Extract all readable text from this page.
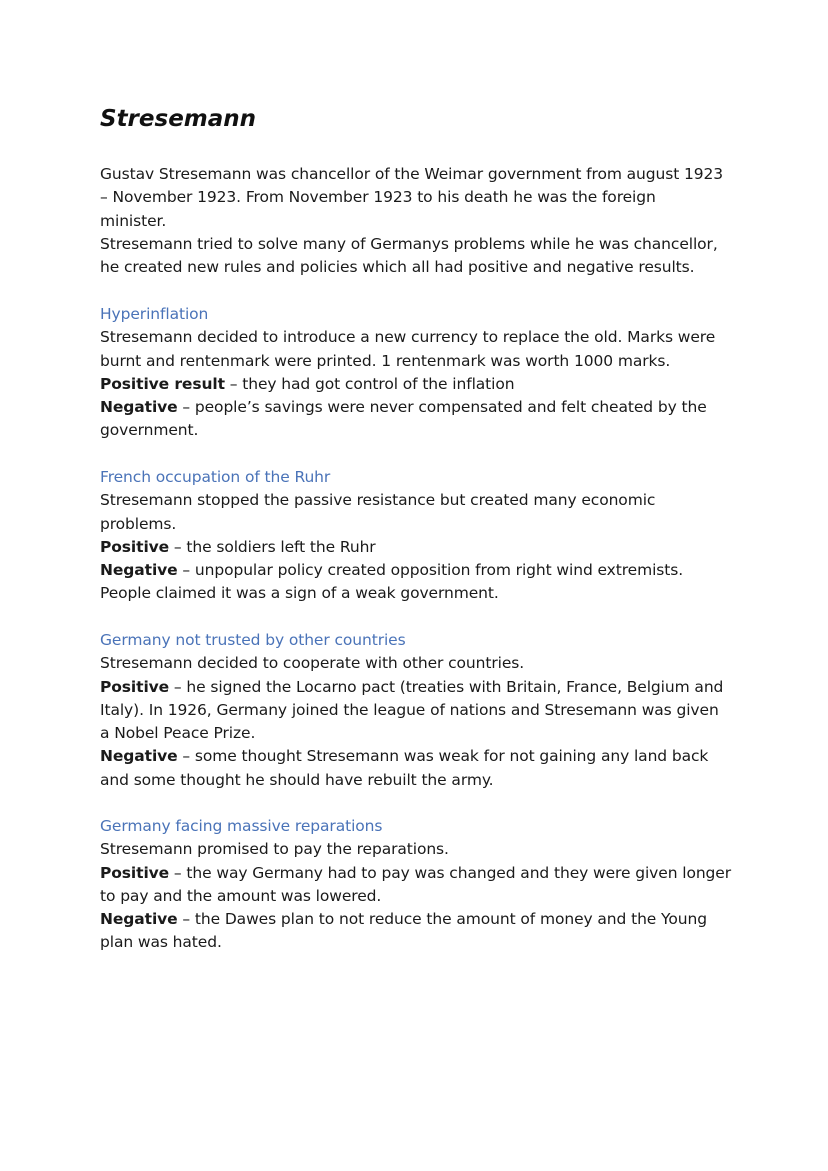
Stresemann
Gustav Stresemann was chancellor of the Weimar government from august 1923
– November 1923. From November 1923 to his death he was the foreign
minister.
Stresemann tried to solve many of Germanys problems while he was chancellor,
he created new rules and policies which all had positive and negative results.
Hyperinflation
Stresemann decided to introduce a new currency to replace the old. Marks were
burnt and rentenmark were printed. 1 rentenmark was worth 1000 marks.
Positive result – they had got control of the inflation
Negative – people’s savings were never compensated and felt cheated by the
government.
French occupation of the Ruhr
Stresemann stopped the passive resistance but created many economic
problems.
Positive – the soldiers left the Ruhr
Negative – unpopular policy created opposition from right wind extremists.
People claimed it was a sign of a weak government.
Germany not trusted by other countries
Stresemann decided to cooperate with other countries.
Positive – he signed the Locarno pact (treaties with Britain, France, Belgium and
Italy). In 1926, Germany joined the league of nations and Stresemann was given
a Nobel Peace Prize.
Negative – some thought Stresemann was weak for not gaining any land back
and some thought he should have rebuilt the army.
Germany facing massive reparations
Stresemann promised to pay the reparations.
Positive – the way Germany had to pay was changed and they were given longer
to pay and the amount was lowered.
Negative – the Dawes plan to not reduce the amount of money and the Young
plan was hated.
